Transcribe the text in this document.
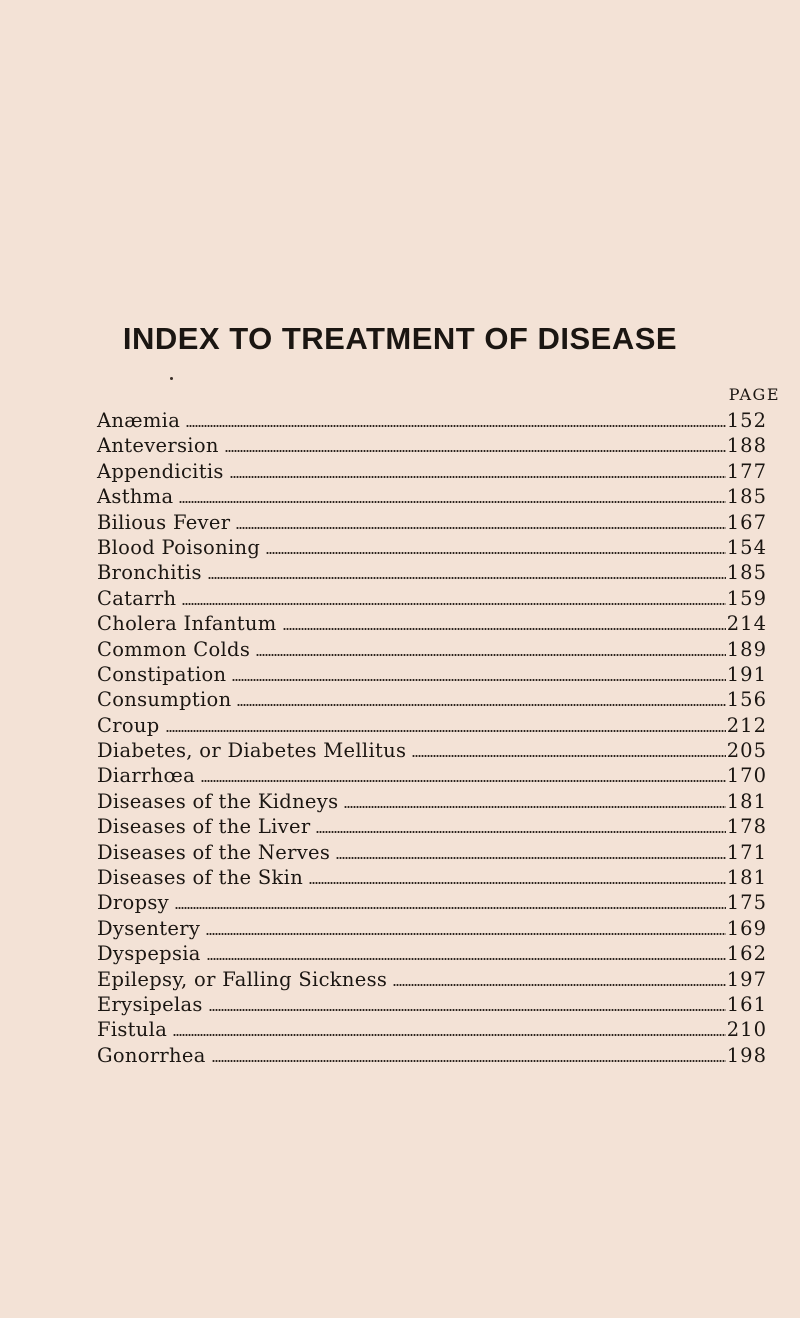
INDEX TO TREATMENT OF DISEASE
PAGE
Anæmia	152
Anteversion	188
Appendicitis	177
Asthma	185
Bilious Fever	167
Blood Poisoning	154
Bronchitis	185
Catarrh	159
Cholera Infantum	214
Common Colds	189
Constipation	191
Consumption	156
Croup	212
Diabetes, or Diabetes Mellitus	205
Diarrhœa	170
Diseases of the Kidneys	181
Diseases of the Liver	178
Diseases of the Nerves	171
Diseases of the Skin	181
Dropsy	175
Dysentery	169
Dyspepsia	162
Epilepsy, or Falling Sickness	197
Erysipelas	161
Fistula	210
Gonorrhea	198
